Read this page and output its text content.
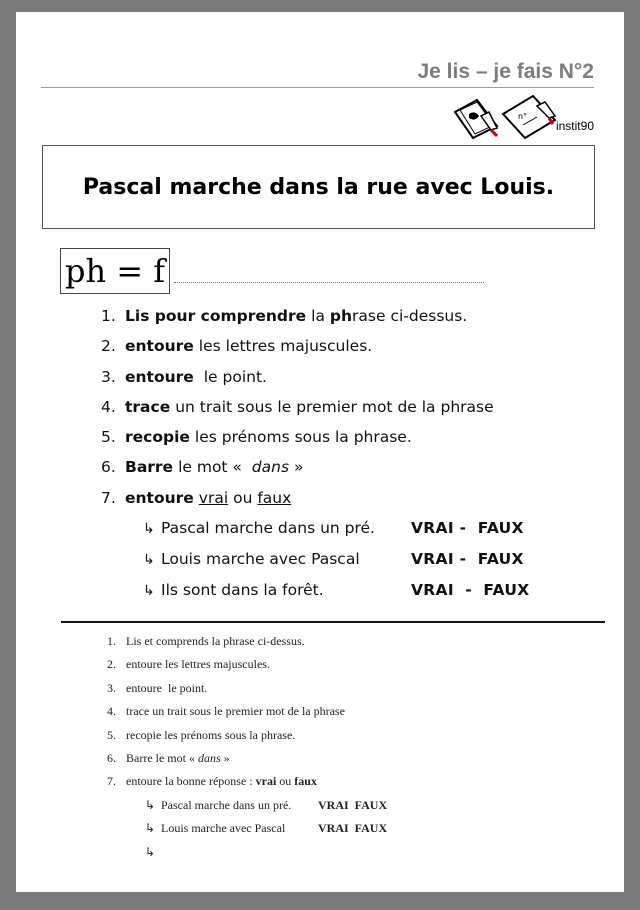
Je lis – je fais N°2
n°
instit90
Pascal marche dans la rue avec Louis.
ph = f
1. Lis pour comprendre la
ph rase ci-dessus.
2. entoure les lettres majuscules.
3. entoure le point.
4. trace un trait sous le premier mot de la phrase
5. recopie les prénoms sous la phrase.
6. Barre le mot «
dans
»
7. entoure vrai
ou
faux
↳ Pascal marche dans un pré.	VRAI -  FAUX
↳ Louis marche avec Pascal	VRAI -  FAUX
↳ Ils sont dans la forêt.	VRAI  -  FAUX
1. Lis et comprends la phrase ci-dessus.
2. entoure les lettres majuscules.
3. entoure  le point.
4. trace un trait sous le premier mot de la phrase
5. recopie les prénoms sous la phrase.
6. Barre le mot « dans »
7. entoure la bonne réponse :
vrai
ou
faux
↳ Pascal marche dans un pré.	VRAI  FAUX
↳ Louis marche avec Pascal	VRAI  FAUX
↳
